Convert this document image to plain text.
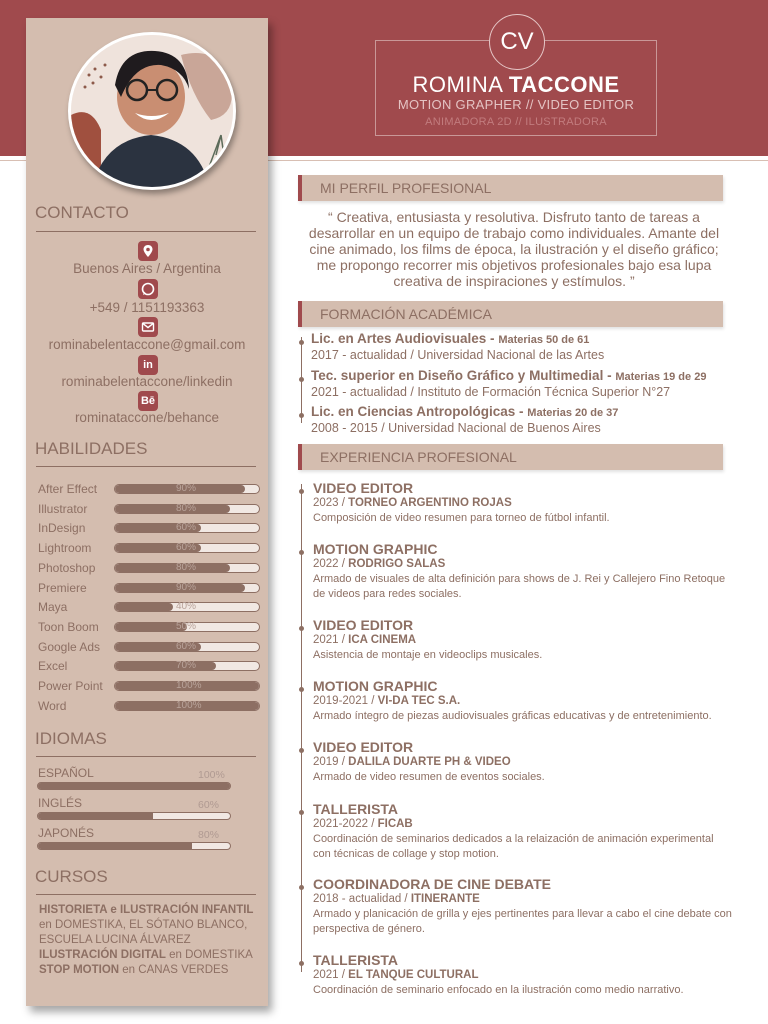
CV
ROMINA TACCONE
MOTION GRAPHER // VIDEO EDITOR
ANIMADORA 2D // ILUSTRADORA
CONTACTO
Buenos Aires / Argentina
+549 / 1151193363
rominabelentaccone@gmail.com
in
rominabelentaccone/linkedin
Bē
rominataccone/behance
HABILIDADES
After Effect	90%
Illustrator	80%
InDesign	60%
Lightroom	60%
Photoshop	80%
Premiere	90%
Maya	40%
Toon Boom	50%
Google Ads	60%
Excel	70%
Power Point	100%
Word	100%
IDIOMAS
ESPAÑOL	100%
INGLÉS	60%
JAPONÉS	80%
CURSOS
HISTORIETA e ILUSTRACIÓN INFANTIL
en DOMESTIKA, EL SÓTANO BLANCO,
ESCUELA LUCINA ÁLVAREZ
ILUSTRACIÓN DIGITAL en DOMESTIKA
STOP MOTION en CANAS VERDES
MI PERFIL PROFESIONAL
“ Creativa, entusiasta y resolutiva. Disfruto tanto de tareas a desarrollar en un equipo de trabajo como individuales. Amante del cine animado, los films de época, la ilustración y el diseño gráfico; me propongo recorrer mis objetivos profesionales bajo esa lupa creativa de inspiraciones y estímulos. ”
FORMACIÓN ACADÉMICA
Lic. en Artes Audiovisuales - Materias 50 de 61
2017 - actualidad / Universidad Nacional de las Artes
Tec. superior en Diseño Gráfico y Multimedial - Materias 19 de 29
2021 - actualidad / Instituto de Formación Técnica Superior N°27
Lic. en Ciencias Antropológicas - Materias 20 de 37
2008 - 2015 / Universidad Nacional de Buenos Aires
EXPERIENCIA PROFESIONAL
VIDEO EDITOR
2023 / TORNEO ARGENTINO ROJAS
Composición de video resumen para torneo de fútbol infantil.
MOTION GRAPHIC
2022 / RODRIGO SALAS
Armado de visuales de alta definición para shows de J. Rei y Callejero Fino Retoque de videos para redes sociales.
VIDEO EDITOR
2021 / ICA CINEMA
Asistencia de montaje en videoclips musicales.
MOTION GRAPHIC
2019-2021 / VI-DA TEC S.A.
Armado íntegro de piezas audiovisuales gráficas educativas y de entretenimiento.
VIDEO EDITOR
2019 / DALILA DUARTE PH & VIDEO
Armado de video resumen de eventos sociales.
TALLERISTA
2021-2022 / FICAB
Coordinación de seminarios dedicados a la relaización de animación experimental con técnicas de collage y stop motion.
COORDINADORA DE CINE DEBATE
2018 - actualidad / ITINERANTE
Armado y planicación de grilla y ejes pertinentes para llevar a cabo el cine debate con perspectiva de género.
TALLERISTA
2021 / EL TANQUE CULTURAL
Coordinación de seminario enfocado en la ilustración como medio narrativo.
